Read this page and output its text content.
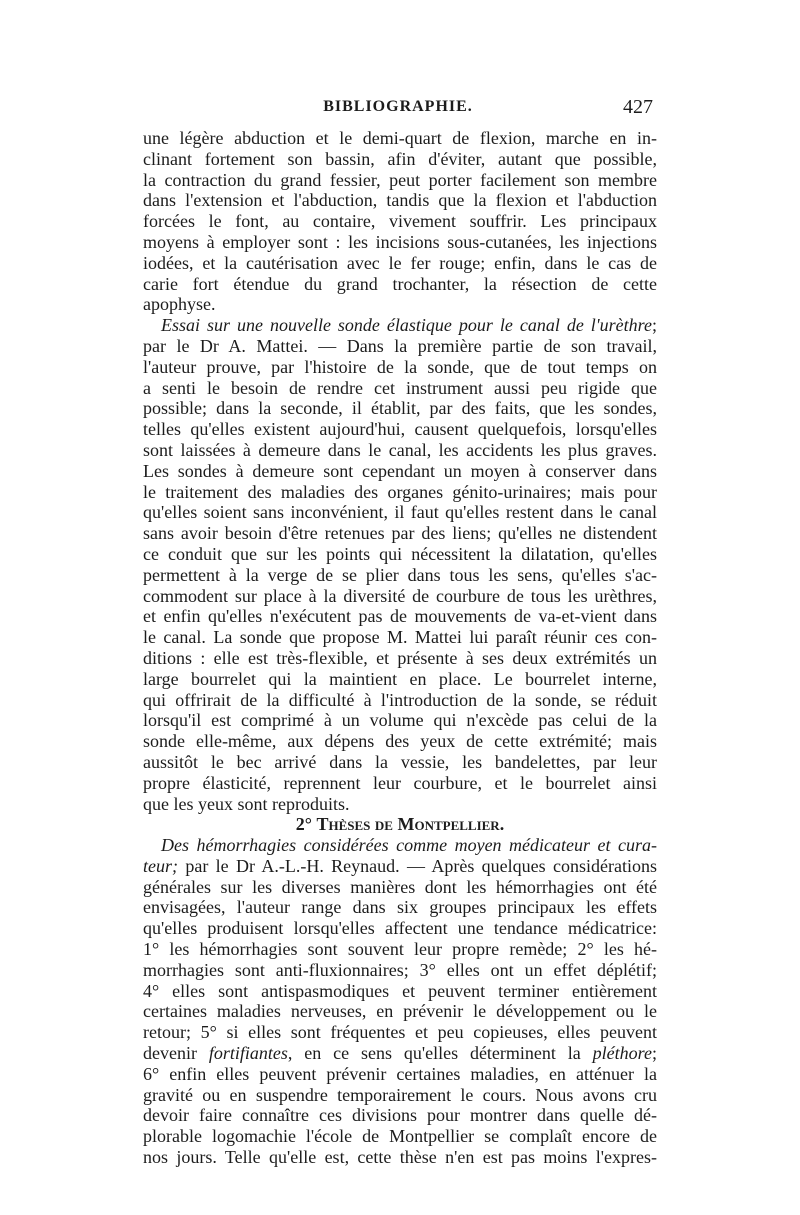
BIBLIOGRAPHIE.	427
une légère abduction et le demi-quart de flexion, marche en in-
clinant fortement son bassin, afin d'éviter, autant que possible,
la contraction du grand fessier, peut porter facilement son membre
dans l'extension et l'abduction, tandis que la flexion et l'abduction
forcées le font, au contaire, vivement souffrir. Les principaux
moyens à employer sont : les incisions sous-cutanées, les injections
iodées, et la cautérisation avec le fer rouge; enfin, dans le cas de
carie fort étendue du grand trochanter, la résection de cette
apophyse.
Essai sur une nouvelle sonde élastique pour le canal de l'urèthre;
par le Dr A. Mattei. — Dans la première partie de son travail,
l'auteur prouve, par l'histoire de la sonde, que de tout temps on
a senti le besoin de rendre cet instrument aussi peu rigide que
possible; dans la seconde, il établit, par des faits, que les sondes,
telles qu'elles existent aujourd'hui, causent quelquefois, lorsqu'elles
sont laissées à demeure dans le canal, les accidents les plus graves.
Les sondes à demeure sont cependant un moyen à conserver dans
le traitement des maladies des organes génito-urinaires; mais pour
qu'elles soient sans inconvénient, il faut qu'elles restent dans le canal
sans avoir besoin d'être retenues par des liens; qu'elles ne distendent
ce conduit que sur les points qui nécessitent la dilatation, qu'elles
permettent à la verge de se plier dans tous les sens, qu'elles s'ac-
commodent sur place à la diversité de courbure de tous les urèthres,
et enfin qu'elles n'exécutent pas de mouvements de va-et-vient dans
le canal. La sonde que propose M. Mattei lui paraît réunir ces con-
ditions : elle est très-flexible, et présente à ses deux extrémités un
large bourrelet qui la maintient en place. Le bourrelet interne,
qui offrirait de la difficulté à l'introduction de la sonde, se réduit
lorsqu'il est comprimé à un volume qui n'excède pas celui de la
sonde elle-même, aux dépens des yeux de cette extrémité; mais
aussitôt le bec arrivé dans la vessie, les bandelettes, par leur
propre élasticité, reprennent leur courbure, et le bourrelet ainsi
que les yeux sont reproduits.
2° Thèses de Montpellier.
Des hémorrhagies considérées comme moyen médicateur et cura-
teur; par le Dr A.-L.-H. Reynaud. — Après quelques considérations
générales sur les diverses manières dont les hémorrhagies ont été
envisagées, l'auteur range dans six groupes principaux les effets
qu'elles produisent lorsqu'elles affectent une tendance médicatrice:
1° les hémorrhagies sont souvent leur propre remède; 2° les hé-
morrhagies sont anti-fluxionnaires; 3° elles ont un effet déplétif;
4° elles sont antispasmodiques et peuvent terminer entièrement
certaines maladies nerveuses, en prévenir le développement ou le
retour; 5° si elles sont fréquentes et peu copieuses, elles peuvent
devenir fortifiantes, en ce sens qu'elles déterminent la pléthore;
6° enfin elles peuvent prévenir certaines maladies, en atténuer la
gravité ou en suspendre temporairement le cours. Nous avons cru
devoir faire connaître ces divisions pour montrer dans quelle dé-
plorable logomachie l'école de Montpellier se complaît encore de
nos jours. Telle qu'elle est, cette thèse n'en est pas moins l'expres-
